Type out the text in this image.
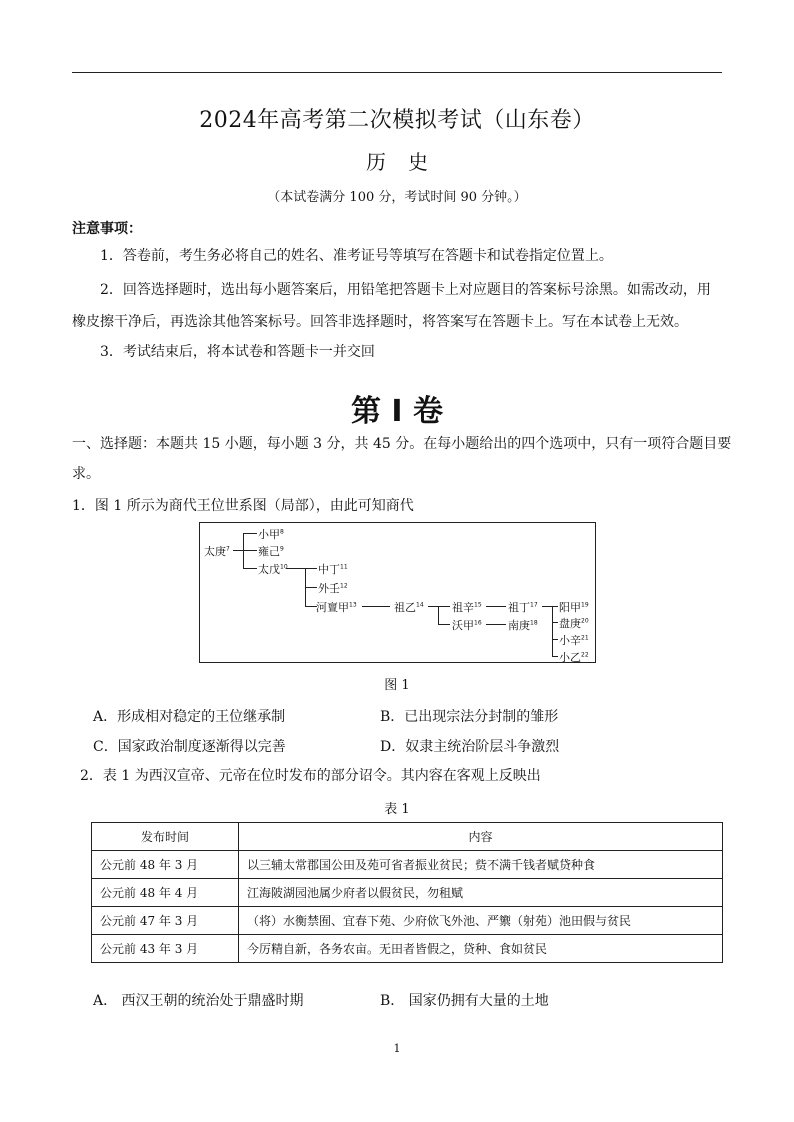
2024年高考第二次模拟考试（山东卷）
历史
（本试卷满分 100 分，考试时间 90 分钟。）
注意事项：
1．答卷前，考生务必将自己的姓名、准考证号等填写在答题卡和试卷指定位置上。
2．回答选择题时，选出每小题答案后，用铅笔把答题卡上对应题目的答案标号涂黑。如需改动，用
橡皮擦干净后，再选涂其他答案标号。回答非选择题时，将答案写在答题卡上。写在本试卷上无效。
3．考试结束后，将本试卷和答题卡一并交回
第 I 卷
一、选择题：本题共 15 小题，每小题 3 分，共 45 分。在每小题给出的四个选项中，只有一项符合题目要
求。
1．图 1 所示为商代王位世系图（局部），由此可知商代
太庚$^7$
小甲$^8$
雍己$^9$
太戊$^{10}$	中丁$^{11}$
外壬$^{12}$
河亶甲$^{13}$	祖乙$^{14}$	祖辛$^{15}$
沃甲$^{16}$
祖丁$^{17}$
南庚$^{18}$
阳甲$^{19}$
盘庚$^{20}$
小辛$^{21}$
小乙$^{22}$
图 1
A．形成相对稳定的王位继承制	B．已出现宗法分封制的雏形
C．国家政治制度逐渐得以完善	D．奴隶主统治阶层斗争激烈
2．表 1 为西汉宣帝、元帝在位时发布的部分诏令。其内容在客观上反映出
表 1
发布时间	内容
公元前 48 年 3 月	以三辅太常郡国公田及苑可省者振业贫民；赀不满千钱者赋贷种食
公元前 48 年 4 月	江海陂湖园池属少府者以假贫民，勿租赋
公元前 47 年 3 月	（将）水衡禁囿、宜春下苑、少府佽飞外池、严籞（射苑）池田假与贫民
公元前 43 年 3 月	今厉精自新，各务农亩。无田者皆假之，贷种、食如贫民
A． 西汉王朝的统治处于鼎盛时期	B． 国家仍拥有大量的土地
1
